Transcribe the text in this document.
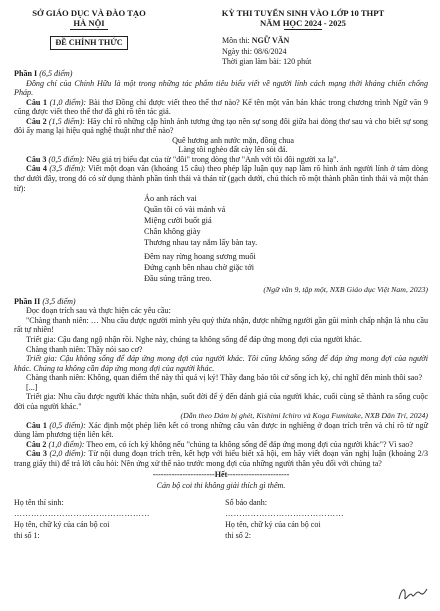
SỞ GIÁO DỤC VÀ ĐÀO TẠO
HÀ NỘI
ĐỀ CHÍNH THỨC
KỲ THI TUYỂN SINH VÀO LỚP 10 THPT
NĂM HỌC 2024 - 2025
Môn thi: NGỮ VĂN
Ngày thi: 08/6/2024
Thời gian làm bài: 120 phút
Phần I (6,5 điểm)

Đồng chí của Chính Hữu là một trong những tác phẩm tiêu biểu viết về người lính cách mạng thời kháng chiến chống Pháp.

Câu 1 (1,0 điểm): Bài thơ Đồng chí được viết theo thể thơ nào? Kể tên một văn bản khác trong chương trình Ngữ văn 9 cũng được viết theo thể thơ đã ghi rõ tên tác giả.

Câu 2 (1,5 điểm): Hãy chỉ rõ những cặp hình ảnh tương ứng tạo nên sự song đôi giữa hai dòng thơ sau và cho biết sự song đôi ấy mang lại hiệu quả nghệ thuật như thế nào?

Quê hương anh nước mặn, đồng chua
Làng tôi nghèo đất cày lên sỏi đá.

Câu 3 (0,5 điểm): Nêu giá trị biểu đạt của từ "đôi" trong dòng thơ "Anh với tôi đôi người xa lạ".

Câu 4 (3,5 điểm): Viết một đoạn văn (khoảng 15 câu) theo phép lập luận quy nạp làm rõ hình ảnh người lính ở tám dòng thơ dưới đây, trong đó có sử dụng thành phần tình thái và thán từ (gạch dưới, chú thích rõ một thành phần tình thái và một thán từ):

Áo anh rách vai
Quần tôi có vài mảnh vá
Miệng cười buốt giá
Chân không giày
Thương nhau tay nắm lấy bàn tay.
Đêm nay rừng hoang sương muối
Đứng cạnh bên nhau chờ giặc tới
Đầu súng trăng treo.
(Ngữ văn 9, tập một, NXB Giáo dục Việt Nam, 2023)
Phần II (3,5 điểm)

Đọc đoạn trích sau và thực hiện các yêu cầu:

"Chàng thanh niên: … Nhu cầu được người mình yêu quý thừa nhận, được những người gần gũi mình chấp nhận là nhu cầu rất tự nhiên!

Triết gia: Cậu đang ngộ nhận rồi. Nghe này, chúng ta không sống để đáp ứng mong đợi của người khác.

Chàng thanh niên: Thầy nói sao cơ?

Triết gia: Cậu không sống để đáp ứng mong đợi của người khác. Tôi cũng không sống để đáp ứng mong đợi của người khác. Chúng ta không cần đáp ứng mong đợi của người khác.

Chàng thanh niên: Không, quan điểm thế này thì quá vị kỷ! Thầy đang bảo tôi cứ sống ích kỷ, chỉ nghĩ đến mình thôi sao?

[...]

Triết gia: Nhu cầu được người khác thừa nhận, suốt đời để ý đến đánh giá của người khác, cuối cùng sẽ thành ra sống cuộc đời của người khác."

(Dẫn theo Dám bị ghét, Kishimi Ichiro và Koga Fumitake, NXB Dân Trí, 2024)

Câu 1 (0,5 điểm): Xác định một phép liên kết có trong những câu văn được in nghiêng ở đoạn trích trên và chỉ rõ từ ngữ dùng làm phương tiện liên kết.

Câu 2 (1,0 điểm): Theo em, có ích kỷ không nếu "chúng ta không sống để đáp ứng mong đợi của người khác"? Vì sao?

Câu 3 (2,0 điểm): Từ nội dung đoạn trích trên, kết hợp với hiểu biết xã hội, em hãy viết đoạn văn nghị luận (khoảng 2/3 trang giấy thi) để trả lời câu hỏi: Nên ứng xử thế nào trước mong đợi của những người thân yêu đối với chúng ta?

-----------------------Hết-----------------------
Cán bộ coi thi không giải thích gì thêm.
Họ tên thí sinh: …………………………………………
Họ tên, chữ ký của cán bộ coi thi số 1:
Số báo danh: ……………………………………
Họ tên, chữ ký của cán bộ coi thi số 2:
